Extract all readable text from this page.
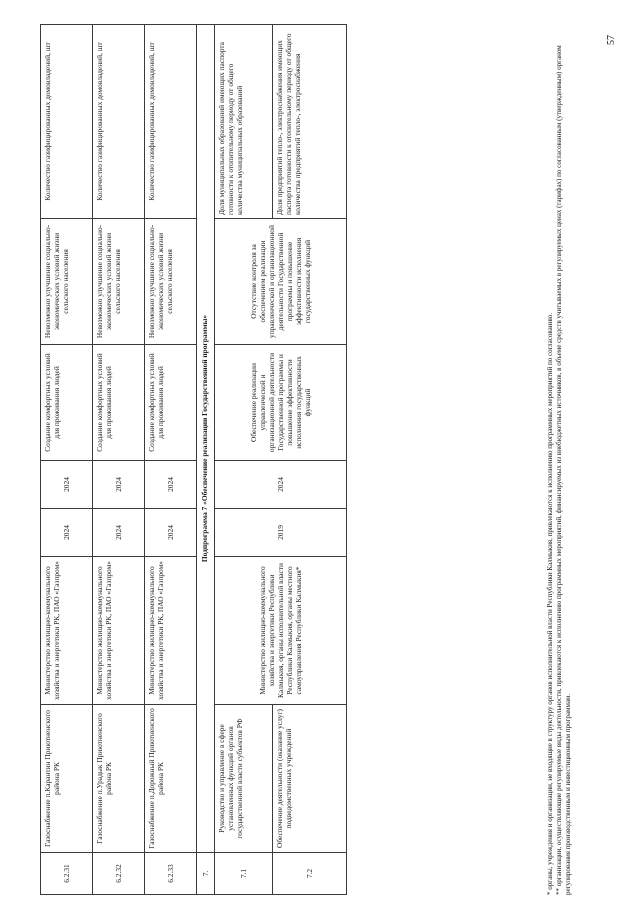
6.2.31	Газоснабжение п.Карантин Приютненского района РК	Министерство жилищно-коммунального хозяйства и энергетики РК, ПАО «Газпром»	2024	2024	Создание комфортных условий для проживания людей	Невозможно улучшение социально-экономических условий жизни сельского населения	Количество газифицированных домовладений, шт
6.2.32	Газоснабжение п.Урадык Приютненского района РК	Министерство жилищно-коммунального хозяйства и энергетики РК, ПАО «Газпром»	2024	2024	Создание комфортных условий для проживания людей	Невозможно улучшение социально-экономических условий жизни сельского населения	Количество газифицированных домовладений, шт
6.2.33	Газоснабжение п.Дорожный Приютненского района РК	Министерство жилищно-коммунального хозяйства и энергетики РК, ПАО «Газпром»	2024	2024	Создание комфортных условий для проживания людей	Невозможно улучшение социально-экономических условий жизни сельского населения	Количество газифицированных домовладений, шт
7.	Подпрограмма 7 «Обеспечение реализации Государственной программы»						
7.1	Руководство и управление в сфере установленных функций органов государственной власти субъектов РФ	Министерство жилищно-коммунального хозяйства и энергетики Республики Калмыкия, органы исполнительной власти Республики Калмыкия, органы местного самоуправления Республики Калмыкия*	2019	2024	Обеспечение реализации управленческой и организационной деятельности Государственной программы и повышение эффективности исполнения государственных функций	Отсутствие контроля за обеспечением реализации управленческой и организационной деятельности Государственной программы и повышение эффективности исполнения государственных функций	Доля муниципальных образований имеющих паспорта готовности к отопительному периоду от общего количества муниципальных образований
7.2	Обеспечение деятельности (оказание услуг) подведомственных учреждений						Доля предприятий тепло-, электроснабжения имеющих паспорта готовности к отопительному периоду от общего количества предприятий тепло-, электроснабжения

* органы, учреждения и организации, не входящие в структуру органов исполнительной власти Республики Калмыкия, привлекаются к исполнению программных мероприятий по согласованию. ** организации, осуществляющие регулируемые виды деятельности, привлекаются к исполнению программных мероприятий, финансируемых из внебюджетных источников, в объеме средств учитываемых в регулируемых ценах (тарифах) по согласованным (утвержденным) органом регулирования производственным и инвестиционным программам.

57
